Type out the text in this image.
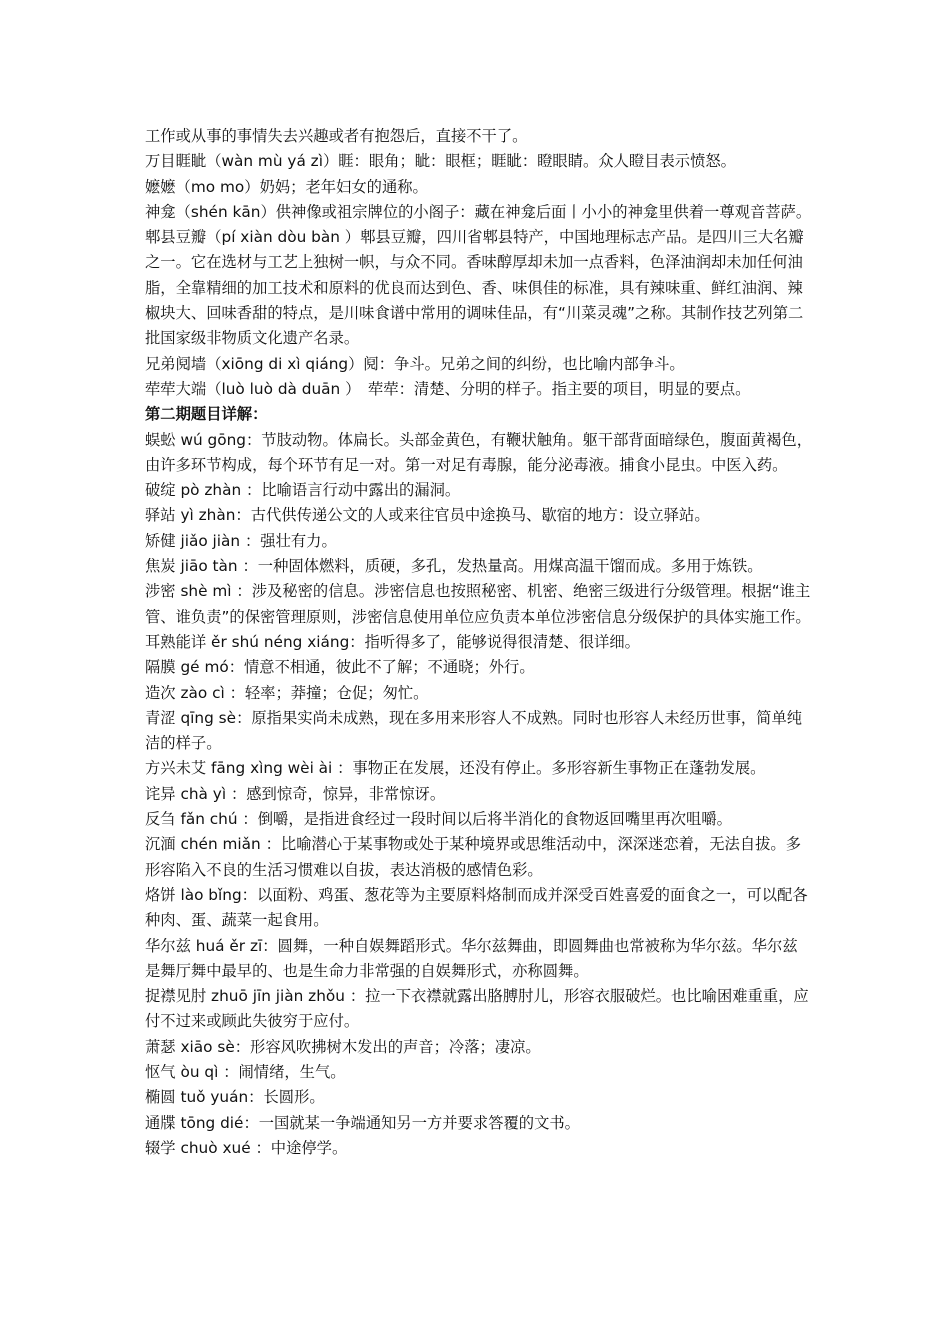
工作或从事的事情失去兴趣或者有抱怨后，直接不干了。

万目睚眦（wàn mù yá zì）睚：眼角；眦：眼框；睚眦：瞪眼睛。众人瞪目表示愤怒。

嬷嬷（mo mo）奶妈；老年妇女的通称。

神龛（shén kān）供神像或祖宗牌位的小阁子：藏在神龛后面丨小小的神龛里供着一尊观音菩萨。

郫县豆瓣（pí xiàn dòu bàn ）郫县豆瓣，四川省郫县特产，中国地理标志产品。是四川三大名瓣之一。它在选材与工艺上独树一帜，与众不同。香味醇厚却未加一点香料，色泽油润却未加任何油脂，全靠精细的加工技术和原料的优良而达到色、香、味俱佳的标准，具有辣味重、鲜红油润、辣椒块大、回味香甜的特点，是川味食谱中常用的调味佳品，有“川菜灵魂”之称。其制作技艺列第二批国家级非物质文化遗产名录。

兄弟阋墙（xiōng di xì qiáng）阋：争斗。兄弟之间的纠纷，也比喻内部争斗。

荦荦大端（luò luò dà duān ）　荦荦：清楚、分明的样子。指主要的项目，明显的要点。

第二期题目详解：

蜈蚣 wú gōng：节肢动物。体扁长。头部金黄色，有鞭状触角。躯干部背面暗绿色，腹面黄褐色，由许多环节构成，每个环节有足一对。第一对足有毒腺，能分泌毒液。捕食小昆虫。中医入药。

破绽 pò zhàn ：比喻语言行动中露出的漏洞。

驿站 yì zhàn：古代供传递公文的人或来往官员中途换马、歇宿的地方：设立驿站。

矫健 jiǎo jiàn ：强壮有力。

焦炭 jiāo tàn ：一种固体燃料，质硬，多孔，发热量高。用煤高温干馏而成。多用于炼铁。

涉密 shè mì ：涉及秘密的信息。涉密信息也按照秘密、机密、绝密三级进行分级管理。根据“谁主管、谁负责”的保密管理原则，涉密信息使用单位应负责本单位涉密信息分级保护的具体实施工作。

耳熟能详 ěr shú néng xiáng：指听得多了，能够说得很清楚、很详细。

隔膜 gé mó：情意不相通，彼此不了解；不通晓；外行。

造次 zào cì ：轻率；莽撞；仓促；匆忙。

青涩 qīng sè：原指果实尚未成熟，现在多用来形容人不成熟。同时也形容人未经历世事，简单纯洁的样子。

方兴未艾 fāng xìng wèi ài ：事物正在发展，还没有停止。多形容新生事物正在蓬勃发展。

诧异 chà yì ：感到惊奇，惊异，非常惊讶。

反刍 fǎn chú ：倒嚼，是指进食经过一段时间以后将半消化的食物返回嘴里再次咀嚼。

沉湎 chén miǎn ：比喻潜心于某事物或处于某种境界或思维活动中，深深迷恋着，无法自拔。多形容陷入不良的生活习惯难以自拔，表达消极的感情色彩。

烙饼 lào bǐng：以面粉、鸡蛋、葱花等为主要原料烙制而成并深受百姓喜爱的面食之一，可以配各种肉、蛋、蔬菜一起食用。

华尔兹 huá ěr zī：圆舞，一种自娱舞蹈形式。华尔兹舞曲，即圆舞曲也常被称为华尔兹。华尔兹是舞厅舞中最早的、也是生命力非常强的自娱舞形式，亦称圆舞。

捉襟见肘 zhuō jīn jiàn zhǒu ：拉一下衣襟就露出胳膊肘儿，形容衣服破烂。也比喻困难重重，应付不过来或顾此失彼穷于应付。

萧瑟 xiāo sè：形容风吹拂树木发出的声音；冷落；凄凉。

怄气 òu qì ：闹情绪，生气。

椭圆 tuǒ yuán：长圆形。

通牒 tōng dié：一国就某一争端通知另一方并要求答覆的文书。

辍学 chuò xué ：中途停学。
